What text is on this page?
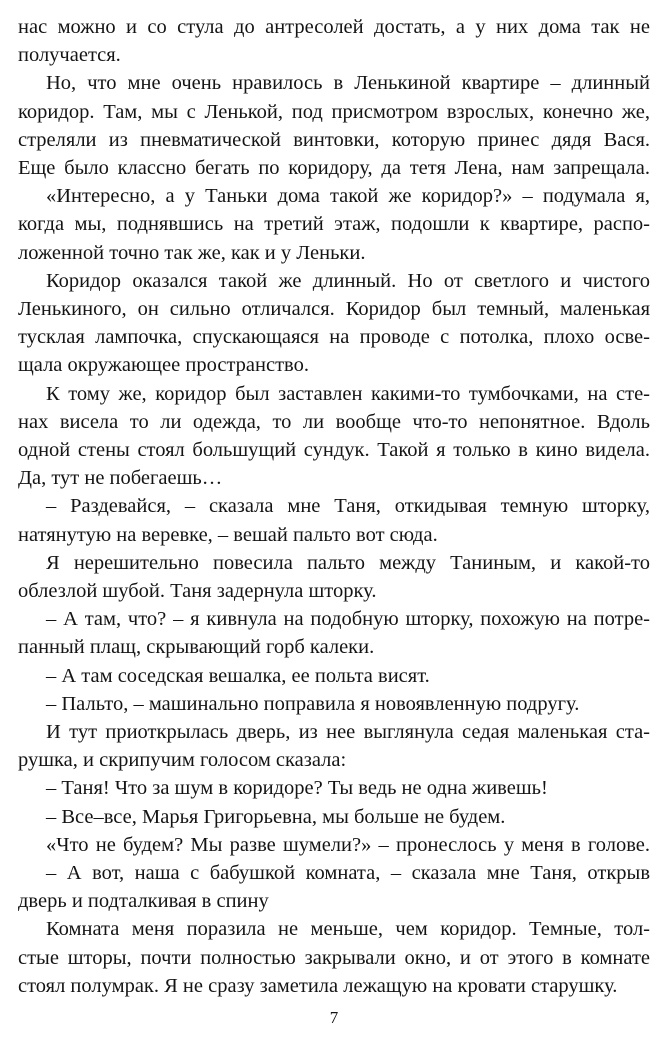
нас можно и со стула до антресолей достать, а у них дома так не
получается.
Но, что мне очень нравилось в Ленькиной квартире – длинный
коридор. Там, мы с Ленькой, под присмотром взрослых, конечно же,
стреляли из пневматической винтовки, которую принес дядя Вася.
Еще было классно бегать по коридору, да тетя Лена, нам запрещала.
«Интересно, а у Таньки дома такой же коридор?» – подумала я,
когда мы, поднявшись на третий этаж, подошли к квартире, распо-
ложенной точно так же, как и у Леньки.
Коридор оказался такой же длинный. Но от светлого и чистого
Ленькиного, он сильно отличался. Коридор был темный, маленькая
тусклая лампочка, спускающаяся на проводе с потолка, плохо осве-
щала окружающее пространство.
К тому же, коридор был заставлен какими-то тумбочками, на сте-
нах висела то ли одежда, то ли вообще что-то непонятное. Вдоль
одной стены стоял большущий сундук. Такой я только в кино видела.
Да, тут не побегаешь…
– Раздевайся, – сказала мне Таня, откидывая темную шторку,
натянутую на веревке, – вешай пальто вот сюда.
Я нерешительно повесила пальто между Таниным, и какой-то
облезлой шубой. Таня задернула шторку.
– А там, что? – я кивнула на подобную шторку, похожую на потре-
панный плащ, скрывающий горб калеки.
– А там соседская вешалка, ее польта висят.
– Пальто, – машинально поправила я новоявленную подругу.
И тут приоткрылась дверь, из нее выглянула седая маленькая ста-
рушка, и скрипучим голосом сказала:
– Таня! Что за шум в коридоре? Ты ведь не одна живешь!
– Все–все, Марья Григорьевна, мы больше не будем.
«Что не будем? Мы разве шумели?» – пронеслось у меня в голове.
– А вот, наша с бабушкой комната, – сказала мне Таня, открыв
дверь и подталкивая в спину
Комната меня поразила не меньше, чем коридор. Темные, тол-
стые шторы, почти полностью закрывали окно, и от этого в комнате
стоял полумрак. Я не сразу заметила лежащую на кровати старушку.
7
